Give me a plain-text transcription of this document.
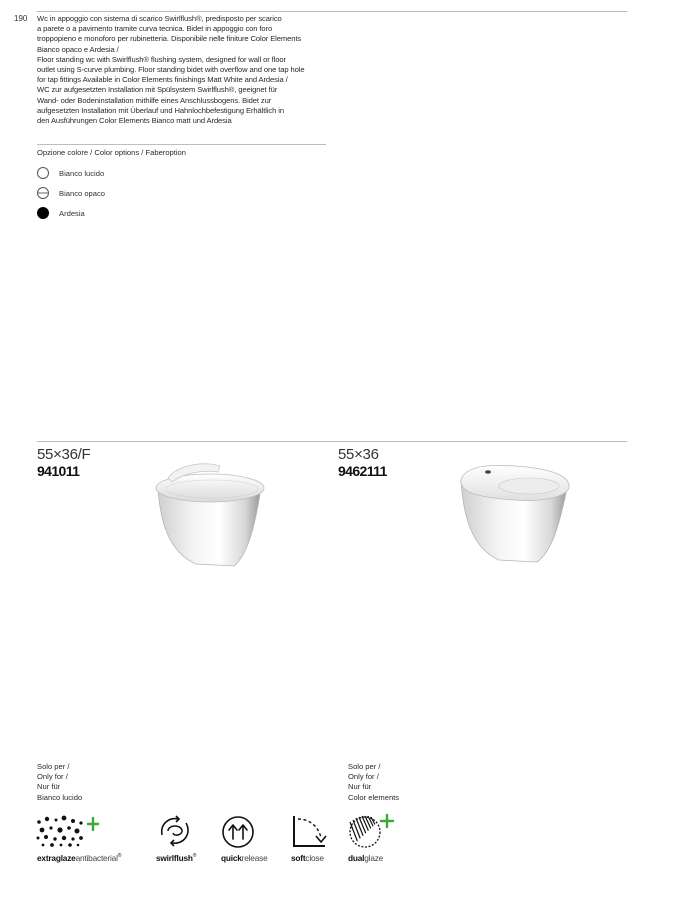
190 Wc in appoggio con sistema di scarico Swirlflush®, predisposto per scarico
a parete o a pavimento tramite curva tecnica. Bidet in appoggio con foro
troppopieno e monoforo per rubinetteria. Disponibile nelle finiture Color Elements
Bianco opaco e Ardesia /
Floor standing wc with Swirlflush® flushing system, designed for wall or floor
outlet using S-curve plumbing. Floor standing bidet with overflow and one tap hole
for tap fittings Available in Color Elements finishings Matt White and Ardesia /
WC zur aufgesetzten Installation mit Spülsystem Swirlflush®, geeignet für
Wand- oder Bodeninstallation mithilfe eines Anschlussbogens. Bidet zur
aufgesetzten Installation mit Überlauf und Hahnlochbefestigung Erhältlich in
den Ausführungen Color Elements Bianco matt und Ardesia
Opzione colore / Color options / Faberoption
Bianco lucido
Bianco opaco
Ardesia
55×36/F
941011
Solo per /
Only for /
Nur für
Bianco lucido
55×36
9462111
Solo per /
Only for /
Nur für
Color elements
extraglazeantibacterial®	swirlflush®	quickrelease	softclose	dualglaze
